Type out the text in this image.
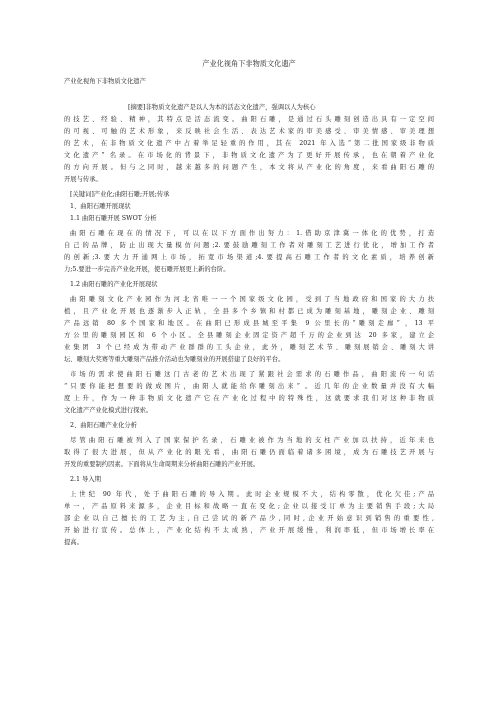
产业化视角下非物质文化遗产
产业化视角下非物质文化遗产
[摘要]非物质文化遗产是以人为本的活态文化遗产，强调以人为核心
的技艺、经验、精神，其特点是活态流变。曲阳石雕，是通过石头雕刻创造出具有一定空间
的可视、可触的艺术形象，来反映社会生活、表达艺术家的审美感受、审美情感、审美理想
的艺术，在非物质文化遗产中占着举足轻重的作用，其在 2021 年入选“第二批国家级非物质
文化遗产” 名录。在市场化的背景下，非物质文化遗产为了更好开展传承，也在朝着产业化
的方向开展。但与之同时，越来越多的问题产生，本文将从产业化的角度，来看曲阳石雕的
开展与传承。
[关键词]产业化;曲阳石雕;开展;传承
1、曲阳石雕开展现状
1.1 曲阳石雕开展 SWOT 分析
曲阳石雕在现在的情况下，可以在以下方面作出努力：1.借助京津冀一体化的优势，打造
自己的品牌，防止出现大量模仿问题;2.要鼓励雕刻工作者对雕刻工艺进行优化，增加工作者
的创新;3.要大力开通网上市场，拓宽市场渠道;4.要提高石雕工作者的文化素质，培养创新
力;5.要进一步完善产业化开展，使石雕开展更上新的台阶。
1.2 曲阳石雕的产业化开展现状
曲阳雕刻文化产业园作为河北省唯一一个国家级文化园，受到了当地政府和国家的大力扶
植，且产业化开展也逐渐步入正轨，全县多个乡镇和村都已成为雕刻基地，雕刻企业、雕刻
产品远销 80 多个国家和地区。在曲阳已形成县城至平集 9 公里长的“雕刻走廊” ，13 平
方公里的雕刻园区和 6 个小区。全县雕刻企业固定资产超千万的企业到达 20 多家，建立企
业集团 3 个已经成为带动产业群群的工头企业，此外，雕刻艺术节、雕刻展销会、雕刻大讲
坛、雕刻大奖赛等重大雕刻产品推介活动也为雕刻业的开展搭建了良好的平台。
市场的需求使曲阳石雕这门古老的艺术出现了紧跟社会需求的石雕作品，曲阳流传一句话
“只要你能把想要的做成图片，曲阳人就能给你雕刻出来” 。近几年的企业数量并没有大幅
度上升，作为一种非物质文化遗产它在产业化过程中的特殊性，这就要求我们对这种非物质
文化遗产产业化模式进行探索。
2、曲阳石雕产业化分析
尽管曲阳石雕被列入了国家保护名录，石雕业被作为当地的支柱产业加以扶持，近年来也
取得了很大进展，但从产业化的眼光看，曲阳石雕仍面临着诸多困境，成为石雕技艺开展与
开发的重要制约因素。下面将从生命周期来分析曲阳石雕的产业开展。
2.1 导入期
上世纪 90 年代，处于曲阳石雕的导入期。此时企业规模不大，结构零散，优化欠佳;产品
单一，产品原料来源多，企业目标和战略一直在变化;企业以接受订单为主要销售手段;大局
部企业以自己擅长的工艺为主,自己尝试的新产品少,同时,企业开始意识到销售的重要性,
开始进行宣传。总体上，产业化结构不太成熟，产业开展缓慢，利润率低，但市场增长率在
提高。
